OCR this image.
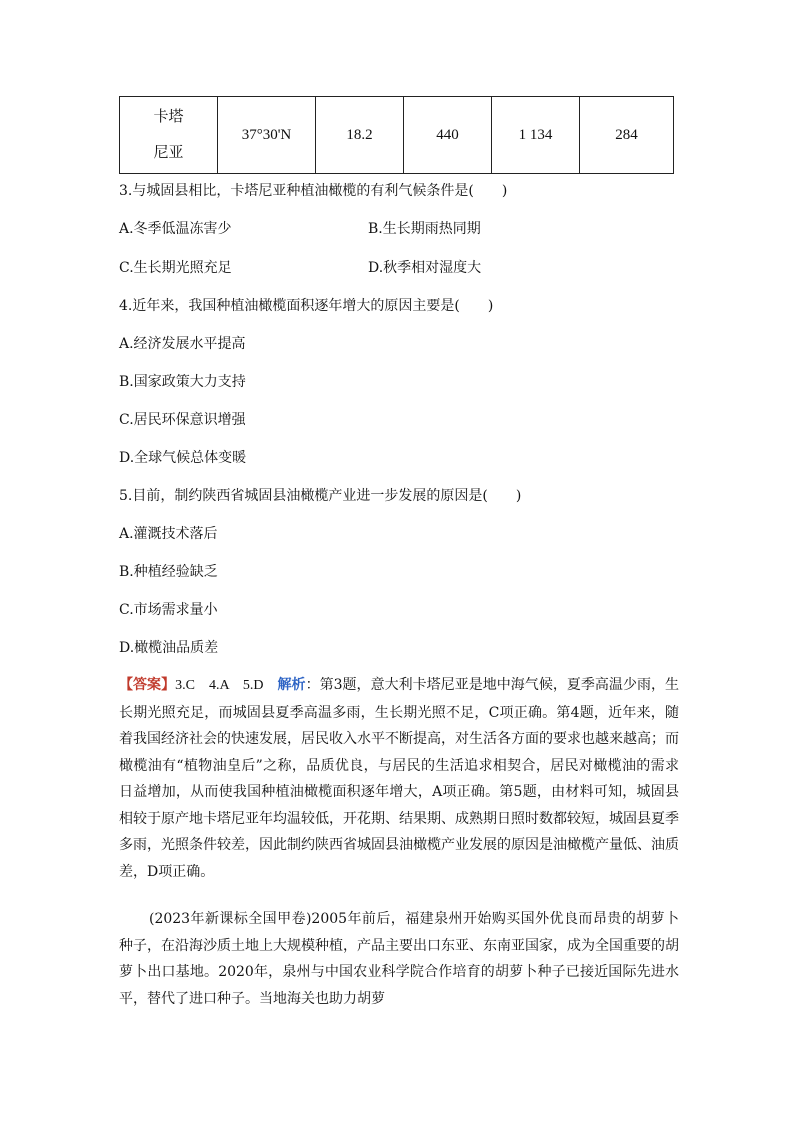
卡塔
尼亚	37°30'N	18.2	440	1 134	284
3.与城固县相比，卡塔尼亚种植油橄榄的有利气候条件是(　　)
A.冬季低温冻害少	B.生长期雨热同期
C.生长期光照充足	D.秋季相对湿度大
4.近年来，我国种植油橄榄面积逐年增大的原因主要是(　　)
A.经济发展水平提高
B.国家政策大力支持
C.居民环保意识增强
D.全球气候总体变暖
5.目前，制约陕西省城固县油橄榄产业进一步发展的原因是(　　)
A.灌溉技术落后
B.种植经验缺乏
C.市场需求量小
D.橄榄油品质差
【答案】3.C　4.A　5.D　解析：第3题，意大利卡塔尼亚是地中海气候，夏季高温少雨，生长期光照充足，而城固县夏季高温多雨，生长期光照不足，C项正确。第4题，近年来，随着我国经济社会的快速发展，居民收入水平不断提高，对生活各方面的要求也越来越高；而橄榄油有“植物油皇后”之称，品质优良，与居民的生活追求相契合，居民对橄榄油的需求日益增加，从而使我国种植油橄榄面积逐年增大，A项正确。第5题，由材料可知，城固县相较于原产地卡塔尼亚年均温较低，开花期、结果期、成熟期日照时数都较短，城固县夏季多雨，光照条件较差，因此制约陕西省城固县油橄榄产业发展的原因是油橄榄产量低、油质差，D项正确。
(2023年新课标全国甲卷)2005年前后，福建泉州开始购买国外优良而昂贵的胡萝卜种子，在沿海沙质土地上大规模种植，产品主要出口东亚、东南亚国家，成为全国重要的胡萝卜出口基地。2020年，泉州与中国农业科学院合作培育的胡萝卜种子已接近国际先进水平，替代了进口种子。当地海关也助力胡萝
